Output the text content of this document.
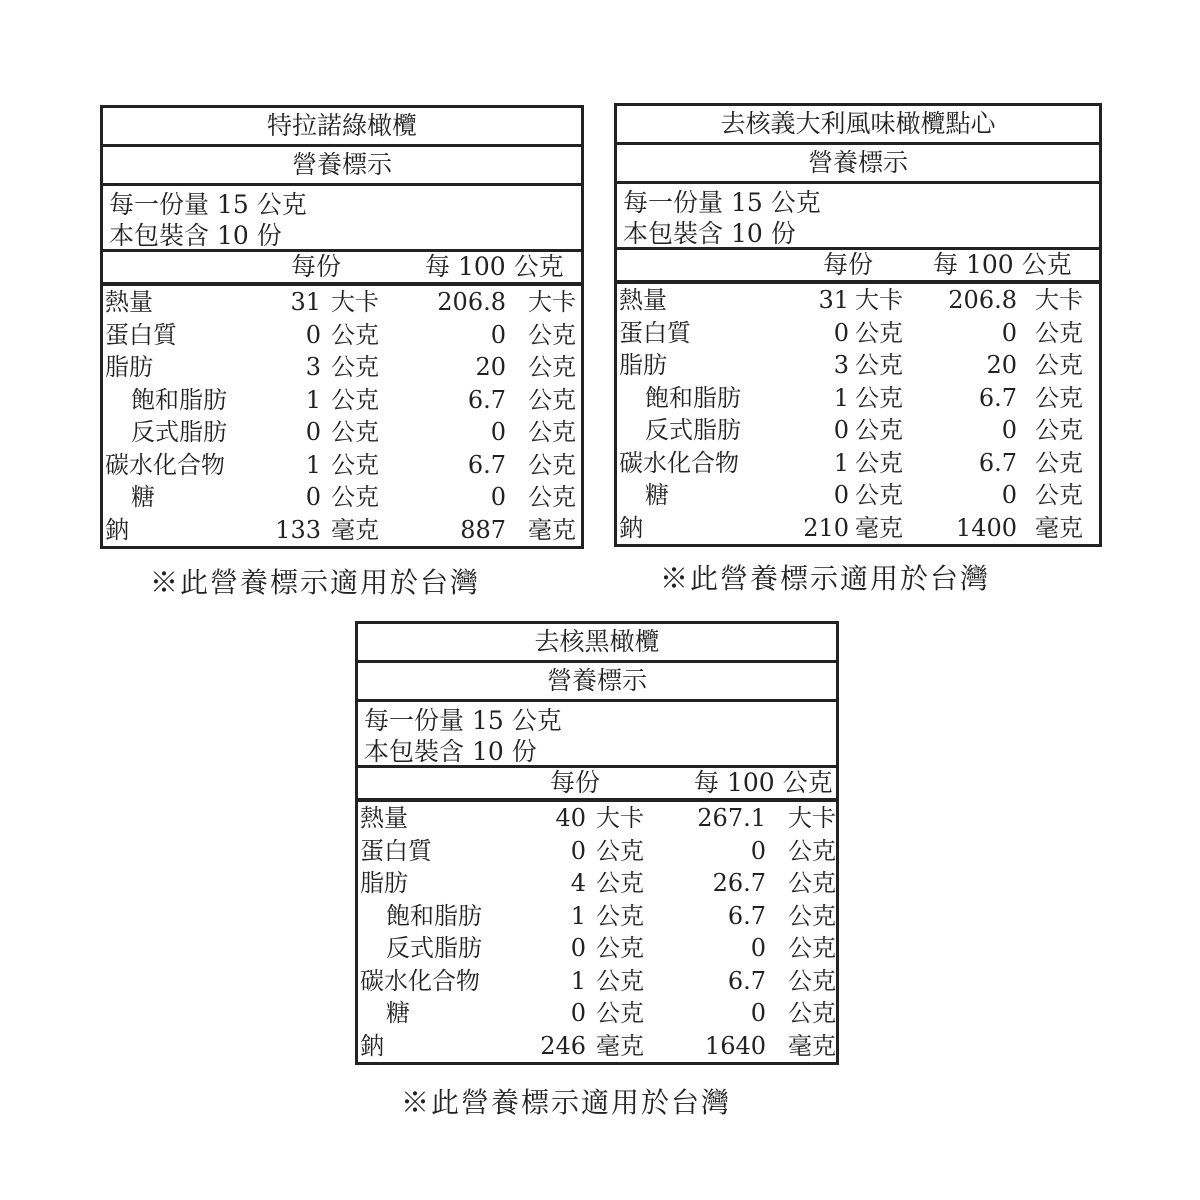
特拉諾綠橄欖
營養標示
每一份量 15 公克
本包裝含 10 份
每份	每 100 公克
熱量	31 大卡 206.8 大卡
蛋白質	0 公克	0 公克
脂肪	3 公克	20 公克
飽和脂肪	1 公克	6.7 公克
反式脂肪	0 公克	0 公克
碳水化合物	1 公克	6.7 公克
糖	0 公克	0 公克
鈉	133 毫克	887 毫克
※此營養標示適用於台灣
去核義大利風味橄欖點心
營養標示
每一份量 15 公克
本包裝含 10 份
每份 每 100 公克
熱量	31 大卡 206.8 大卡
蛋白質	0 公克	0 公克
脂肪	3 公克	20 公克
飽和脂肪	1 公克	6.7 公克
反式脂肪	0 公克	0 公克
碳水化合物	1 公克	6.7 公克
糖	0 公克	0 公克
鈉	210 毫克 1400 毫克
※此營養標示適用於台灣
去核黑橄欖
營養標示
每一份量 15 公克
本包裝含 10 份
每份	每 100 公克
熱量	40 大卡 267.1 大卡
蛋白質	0 公克	0 公克
脂肪	4 公克	26.7 公克
飽和脂肪	1 公克	6.7 公克
反式脂肪	0 公克	0 公克
碳水化合物	1 公克	6.7 公克
糖	0 公克	0 公克
鈉	246 毫克	1640 毫克
※此營養標示適用於台灣
